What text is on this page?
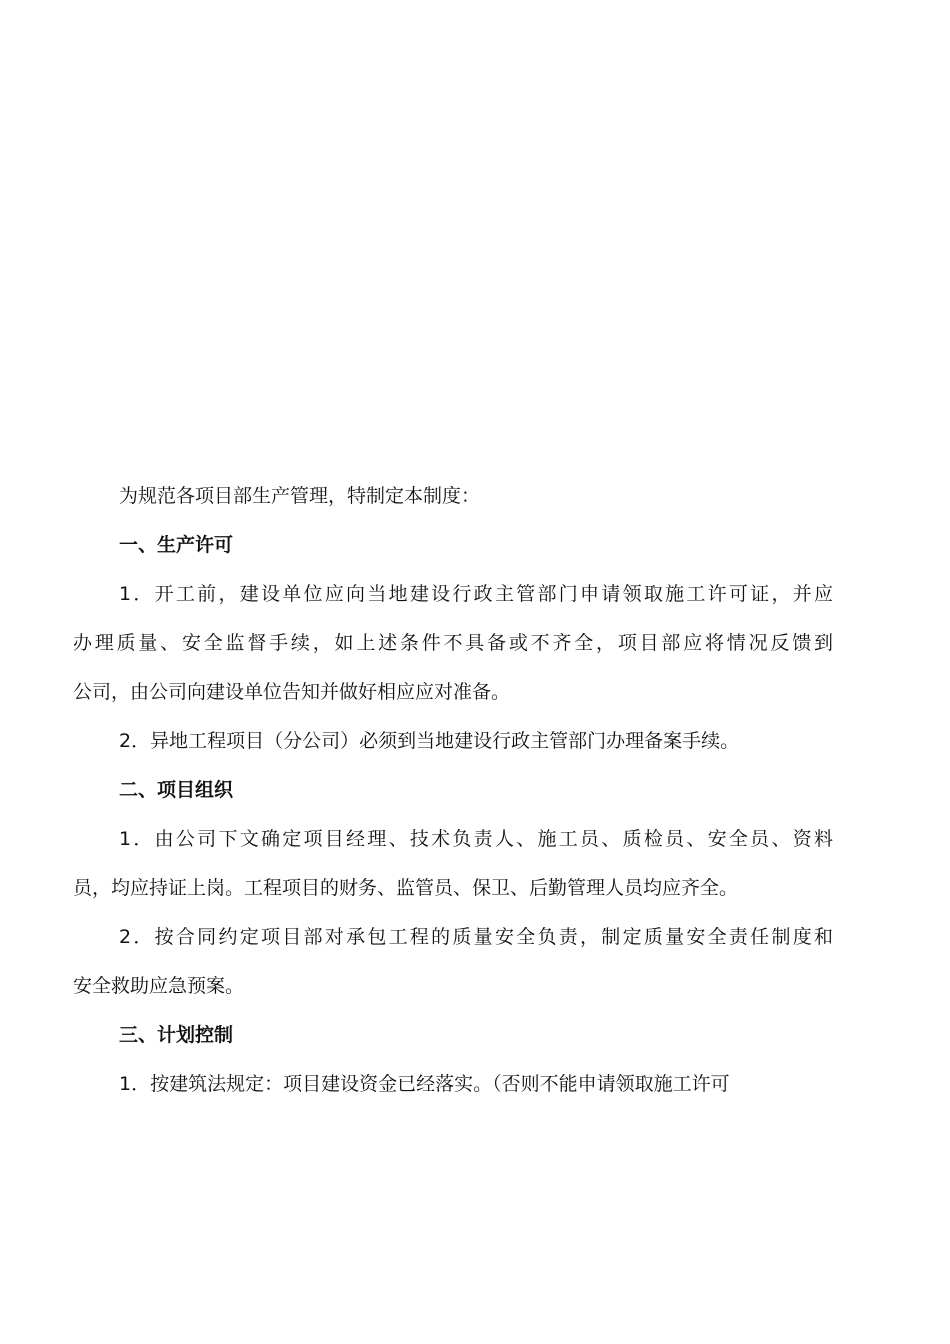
为规范各项目部生产管理，特制定本制度：
一、生产许可
1．开工前，建设单位应向当地建设行政主管部门申请领取施工许可证，并应
办理质量、安全监督手续，如上述条件不具备或不齐全，项目部应将情况反馈到
公司，由公司向建设单位告知并做好相应应对准备。
2．异地工程项目（分公司）必须到当地建设行政主管部门办理备案手续。
二、项目组织
1．由公司下文确定项目经理、技术负责人、施工员、质检员、安全员、资料
员，均应持证上岗。工程项目的财务、监管员、保卫、后勤管理人员均应齐全。
2．按合同约定项目部对承包工程的质量安全负责，制定质量安全责任制度和
安全救助应急预案。
三、计划控制
1．按建筑法规定：项目建设资金已经落实。（否则不能申请领取施工许可
